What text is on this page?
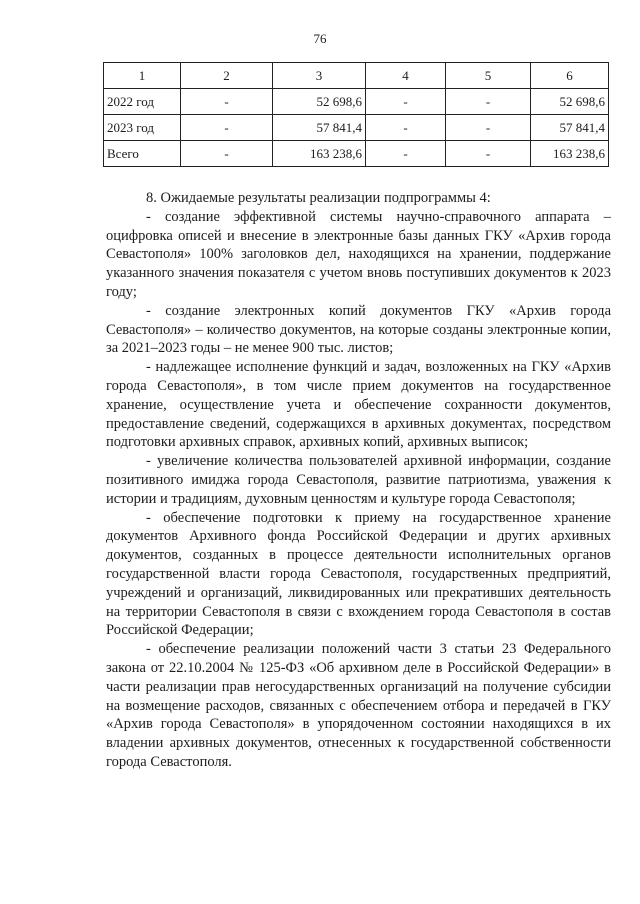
76
1	2	3	4	5	6
2022 год	-	52 698,6	-	-	52 698,6
2023 год	-	57 841,4	-	-	57 841,4
Всего	-	163 238,6	-	-	163 238,6

8. Ожидаемые результаты реализации подпрограммы 4:

- создание эффективной системы научно-справочного аппарата – оцифровка описей и внесение в электронные базы данных ГКУ «Архив города Севастополя» 100% заголовков дел, находящихся на хранении, поддержание указанного значения показателя с учетом вновь поступивших документов к 2023 году;

- создание электронных копий документов ГКУ «Архив города Севастополя» – количество документов, на которые созданы электронные копии, за 2021–2023 годы – не менее 900 тыс. листов;

- надлежащее исполнение функций и задач, возложенных на ГКУ «Архив города Севастополя», в том числе прием документов на государственное хранение, осуществление учета и обеспечение сохранности документов, предоставление сведений, содержащихся в архивных документах, посредством подготовки архивных справок, архивных копий, архивных выписок;

- увеличение количества пользователей архивной информации, создание позитивного имиджа города Севастополя, развитие патриотизма, уважения к истории и традициям, духовным ценностям и культуре города Севастополя;

- обеспечение подготовки к приему на государственное хранение документов Архивного фонда Российской Федерации и других архивных документов, созданных в процессе деятельности исполнительных органов государственной власти города Севастополя, государственных предприятий, учреждений и организаций, ликвидированных или прекративших деятельность на территории Севастополя в связи с вхождением города Севастополя в состав Российской Федерации;

- обеспечение реализации положений части 3 статьи 23 Федерального закона от 22.10.2004 № 125-ФЗ «Об архивном деле в Российской Федерации» в части реализации прав негосударственных организаций на получение субсидии на возмещение расходов, связанных с обеспечением отбора и передачей в ГКУ «Архив города Севастополя» в упорядоченном состоянии находящихся в их владении архивных документов, отнесенных к государственной собственности города Севастополя.
